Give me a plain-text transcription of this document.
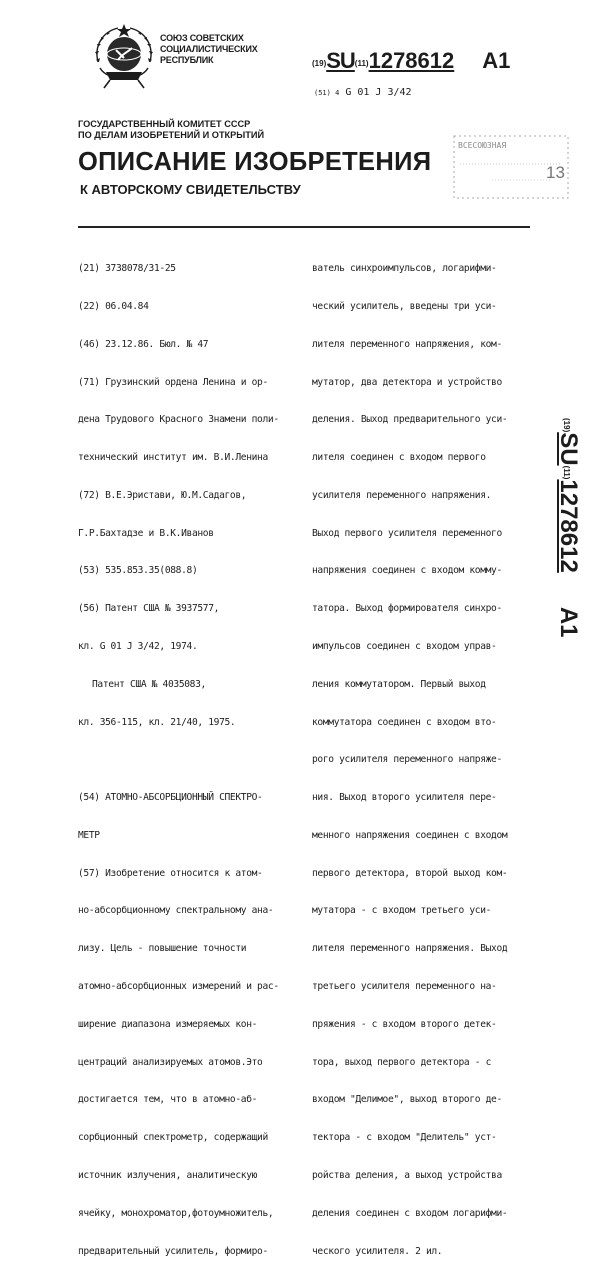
СОЮЗ СОВЕТСКИХ
СОЦИАЛИСТИЧЕСКИХ
РЕСПУБЛИК	(19)SU(11)1278612 A1
(51) 4 G 01 J 3/42
ГОСУДАРСТВЕННЫЙ КОМИТЕТ СССР
ПО ДЕЛАМ ИЗОБРЕТЕНИЙ И ОТКРЫТИЙ
ВСЕСОЮЗНАЯ
13
ОПИСАНИЕ ИЗОБРЕТЕНИЯ
К АВТОРСКОМУ СВИДЕТЕЛЬСТВУ

(21) 3738078/31-25

(22) 06.04.84

(46) 23.12.86. Бюл. № 47

(71) Грузинский ордена Ленина и ор-

дена Трудового Красного Знамени поли-

технический институт им. В.И.Ленина

(72) В.Е.Эристави, Ю.М.Садагов,

Г.Р.Бахтадзе и В.К.Иванов

(53) 535.853.35(088.8)

(56) Патент США № 3937577,

кл. G 01 J 3/42, 1974.

Патент США № 4035083,

кл. 356-115, кл. 21/40, 1975.

(54) АТОМНО-АБСОРБЦИОННЫЙ СПЕКТРО-

МЕТР

(57) Изобретение относится к атом-

но-абсорбционному спектральному ана-

лизу. Цель - повышение точности

атомно-абсорбционных измерений и рас-

ширение диапазона измеряемых кон-

центраций анализируемых атомов.Это

достигается тем, что в атомно-аб-

сорбционный спектрометр, содержащий

источник излучения, аналитическую

ячейку, монохроматор,фотоумножитель,

предварительный усилитель, формиро-

ватель синхроимпульсов, логарифми-

ческий усилитель, введены три уси-

лителя переменного напряжения, ком-

мутатор, два детектора и устройство

деления. Выход предварительного уси-

лителя соединен с входом первого

усилителя переменного напряжения.

Выход первого усилителя переменного

напряжения соединен с входом комму-

татора. Выход формирователя синхро-

импульсов соединен с входом управ-

ления коммутатором. Первый выход

коммутатора соединен с входом вто-

рого усилителя переменного напряже-

ния. Выход второго усилителя пере-

менного напряжения соединен с входом

первого детектора, второй выход ком-

мутатора - с входом третьего уси-

лителя переменного напряжения. Выход

третьего усилителя переменного на-

пряжения - с входом второго детек-

тора, выход первого детектора - с

входом "Делимое", выход второго де-

тектора - с входом "Делитель" уст-

ройства деления, а выход устройства

деления соединен с входом логарифми-

ческого усилителя. 2 ил.

(19)SU(11)1278612A1
